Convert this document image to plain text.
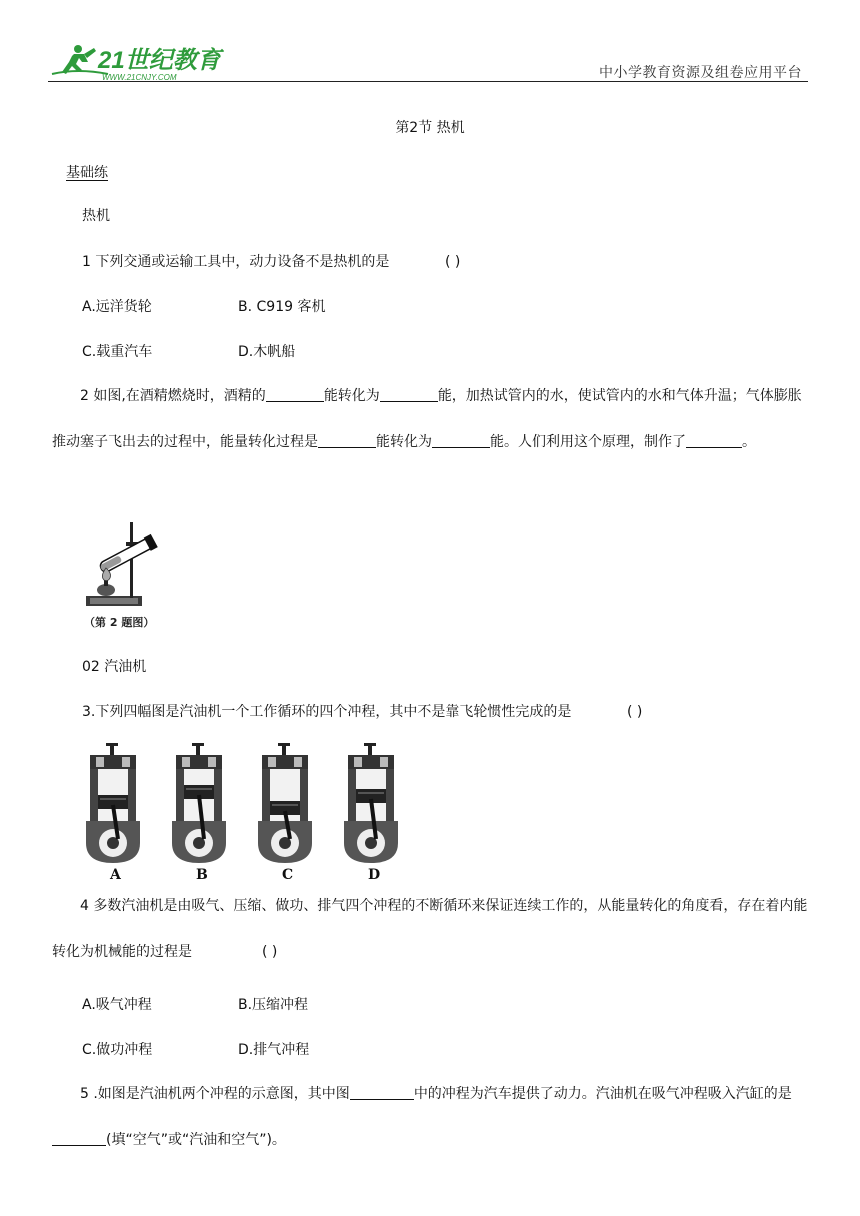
21世纪教育
WWW.21CNJY.COM	中小学教育资源及组卷应用平台
第2节 热机
基础练
热机
1 下列交通或运输工具中，动力设备不是热机的是	( )
A.远洋货轮	B. C919 客机
C.载重汽车	D.木帆船
2 如图,在酒精燃烧时，酒精的	能转化为	能，加热试管内的水，使试管内的水和气体升温；气体膨胀推动塞子飞出去的过程中，能量转化过程是	能转化为	能。人们利用这个原理，制作了	。
（第 2 题图）
02 汽油机
3.下列四幅图是汽油机一个工作循环的四个冲程，其中不是靠飞轮惯性完成的是	( )
A	B	C	D
4 多数汽油机是由吸气、压缩、做功、排气四个冲程的不断循环来保证连续工作的，从能量转化的角度看，存在着内能转化为机械能的过程是	( )
A.吸气冲程	B.压缩冲程
C.做功冲程	D.排气冲程
5 .如图是汽油机两个冲程的示意图，其中图	中的冲程为汽车提供了动力。汽油机在吸气冲程吸入汽缸的是(填“空气”或“汽油和空气”)。
